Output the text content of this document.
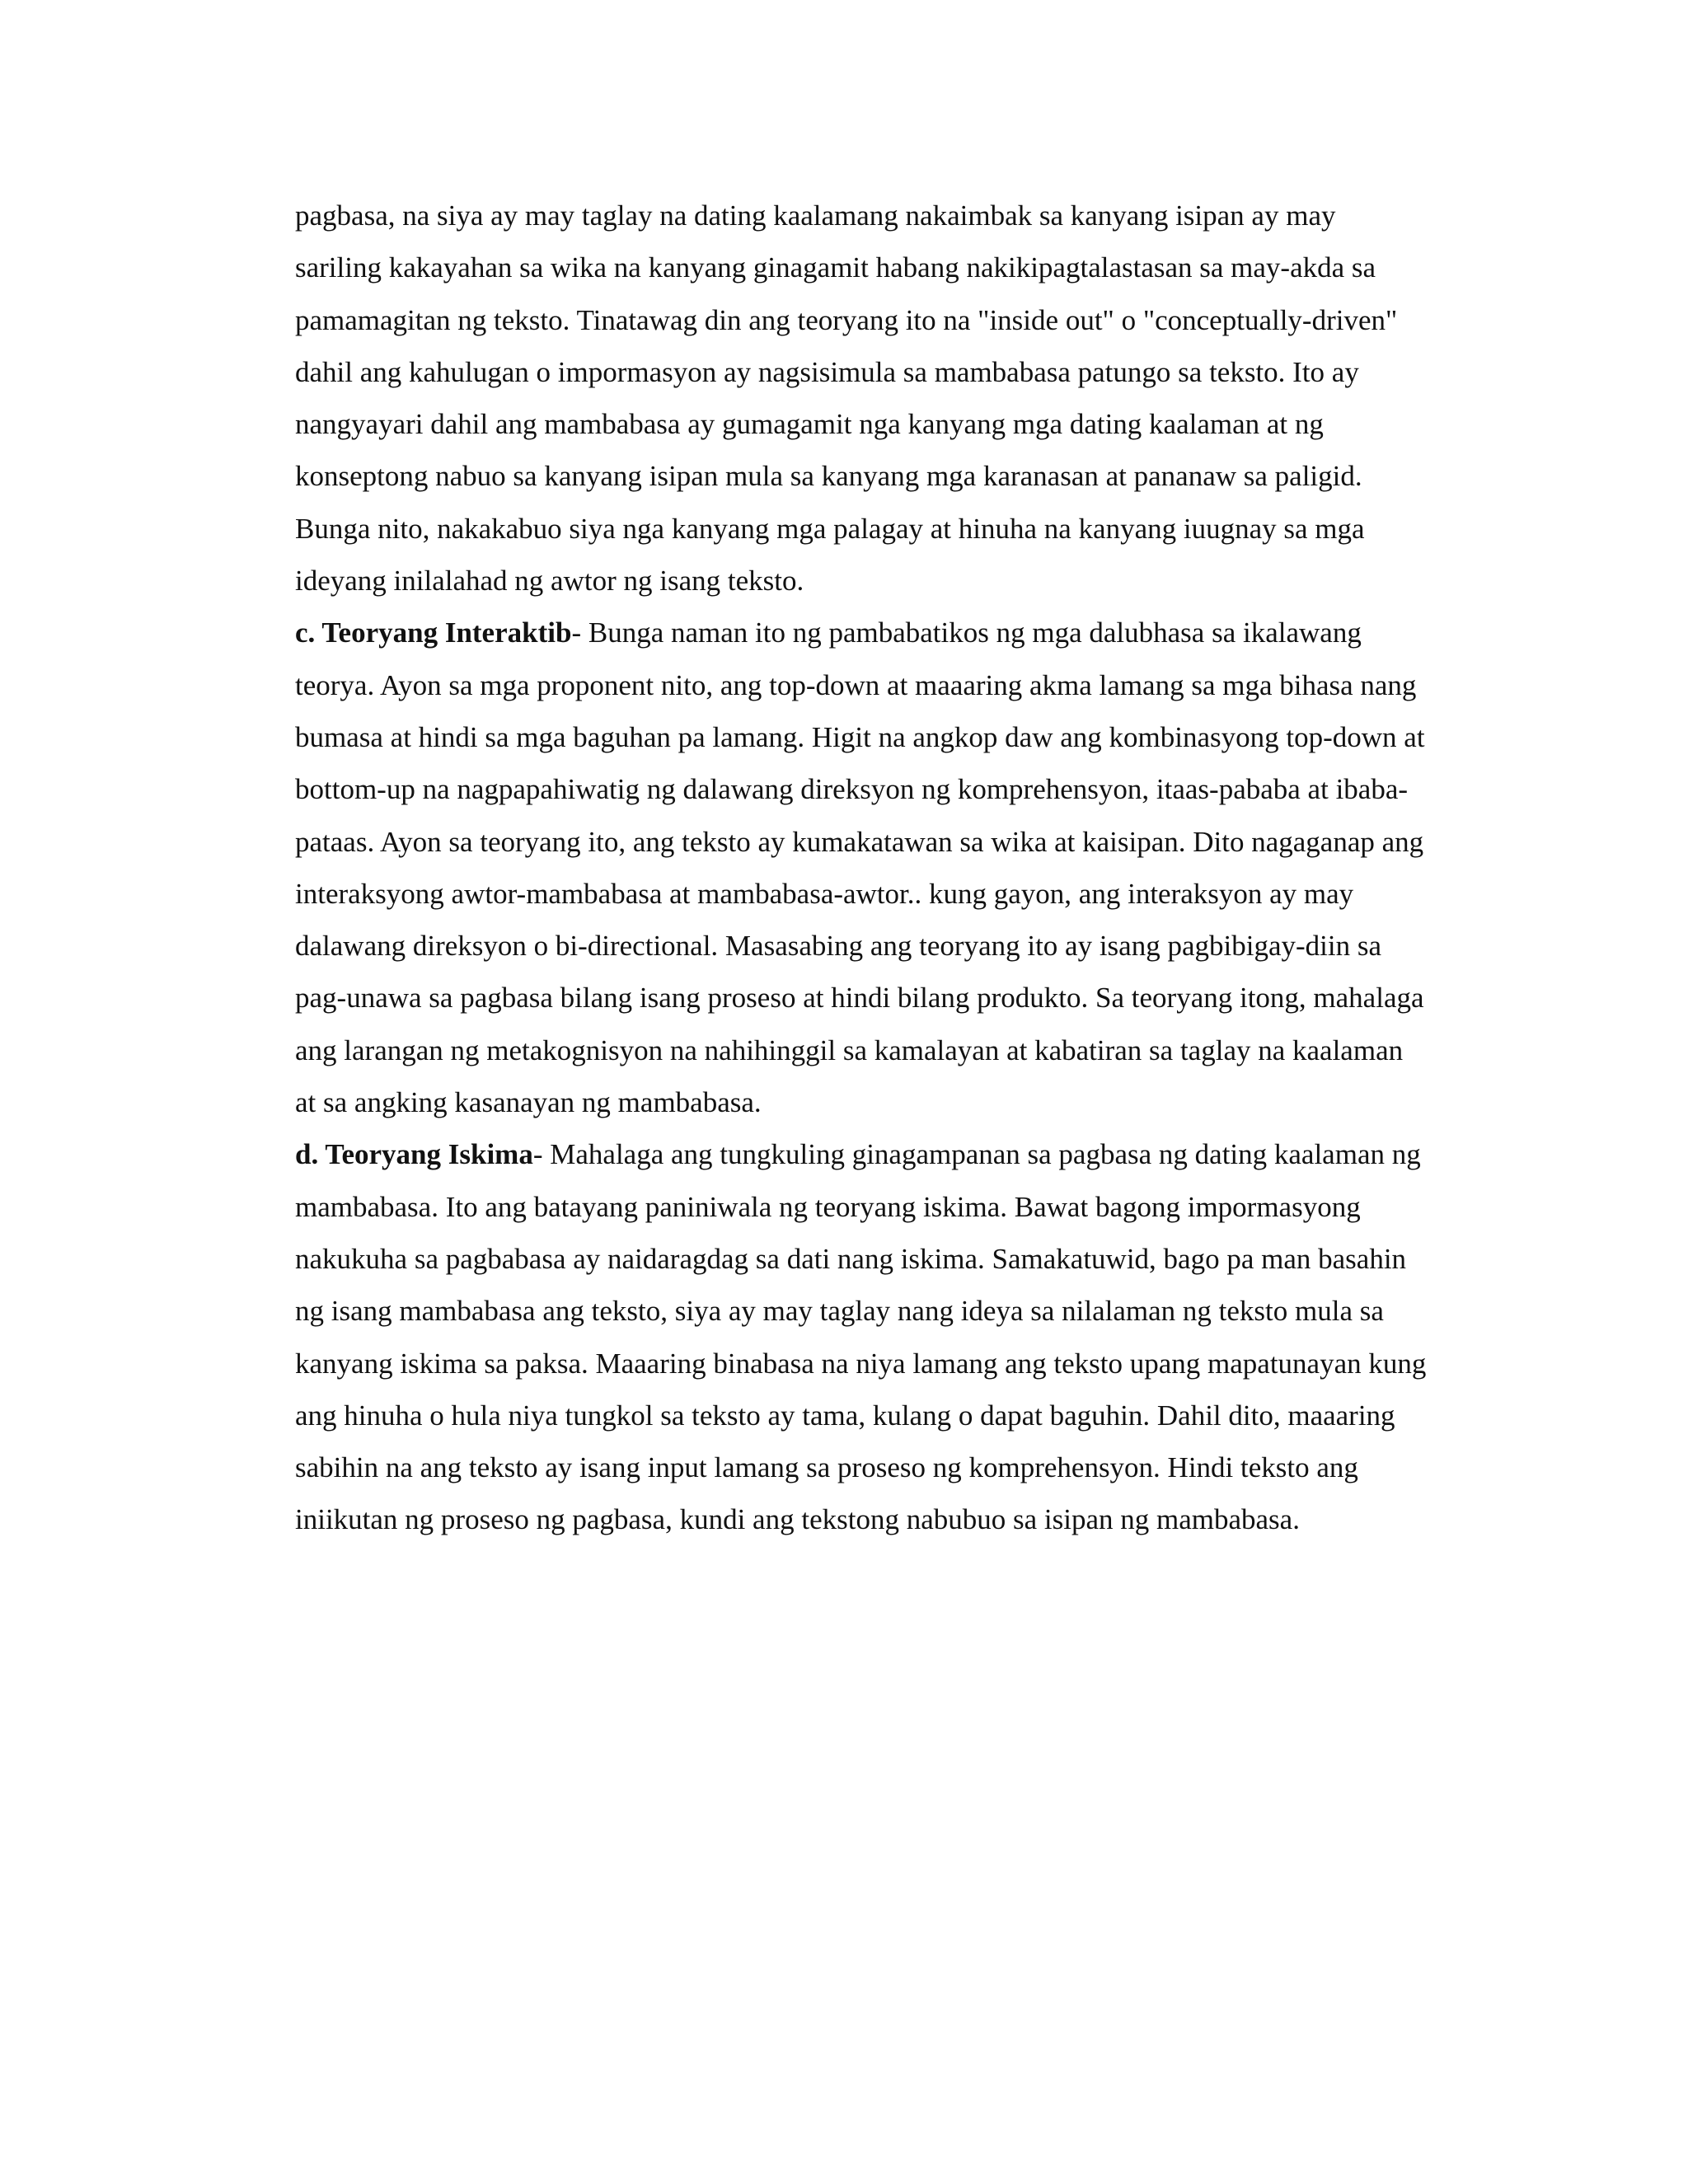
pagbasa, na siya ay may taglay na dating kaalamang nakaimbak sa kanyang isipan ay may
sariling kakayahan sa wika na kanyang ginagamit habang nakikipagtalastasan sa may-akda sa
pamamagitan ng teksto. Tinatawag din ang teoryang ito na "inside out" o "conceptually-driven"
dahil ang kahulugan o impormasyon ay nagsisimula sa mambabasa patungo sa teksto. Ito ay
nangyayari dahil ang mambabasa ay gumagamit nga kanyang mga dating kaalaman at ng
konseptong nabuo sa kanyang isipan mula sa kanyang mga karanasan at pananaw sa paligid.
Bunga nito, nakakabuo siya nga kanyang mga palagay at hinuha na kanyang iuugnay sa mga
ideyang inilalahad ng awtor ng isang teksto.
c. Teoryang Interaktib- Bunga naman ito ng pambabatikos ng mga dalubhasa sa ikalawang
teorya. Ayon sa mga proponent nito, ang top-down at maaaring akma lamang sa mga bihasa nang
bumasa at hindi sa mga baguhan pa lamang. Higit na angkop daw ang kombinasyong top-down at
bottom-up na nagpapahiwatig ng dalawang direksyon ng komprehensyon, itaas-pababa at ibaba-
pataas. Ayon sa teoryang ito, ang teksto ay kumakatawan sa wika at kaisipan. Dito nagaganap ang
interaksyong awtor-mambabasa at mambabasa-awtor.. kung gayon, ang interaksyon ay may
dalawang direksyon o bi-directional. Masasabing ang teoryang ito ay isang pagbibigay-diin sa
pag-unawa sa pagbasa bilang isang proseso at hindi bilang produkto. Sa teoryang itong, mahalaga
ang larangan ng metakognisyon na nahihinggil sa kamalayan at kabatiran sa taglay na kaalaman
at sa angking kasanayan ng mambabasa.
d. Teoryang Iskima- Mahalaga ang tungkuling ginagampanan sa pagbasa ng dating kaalaman ng
mambabasa. Ito ang batayang paniniwala ng teoryang iskima. Bawat bagong impormasyong
nakukuha sa pagbabasa ay naidaragdag sa dati nang iskima. Samakatuwid, bago pa man basahin
ng isang mambabasa ang teksto, siya ay may taglay nang ideya sa nilalaman ng teksto mula sa
kanyang iskima sa paksa. Maaaring binabasa na niya lamang ang teksto upang mapatunayan kung
ang hinuha o hula niya tungkol sa teksto ay tama, kulang o dapat baguhin. Dahil dito, maaaring
sabihin na ang teksto ay isang input lamang sa proseso ng komprehensyon. Hindi teksto ang
iniikutan ng proseso ng pagbasa, kundi ang tekstong nabubuo sa isipan ng mambabasa.
